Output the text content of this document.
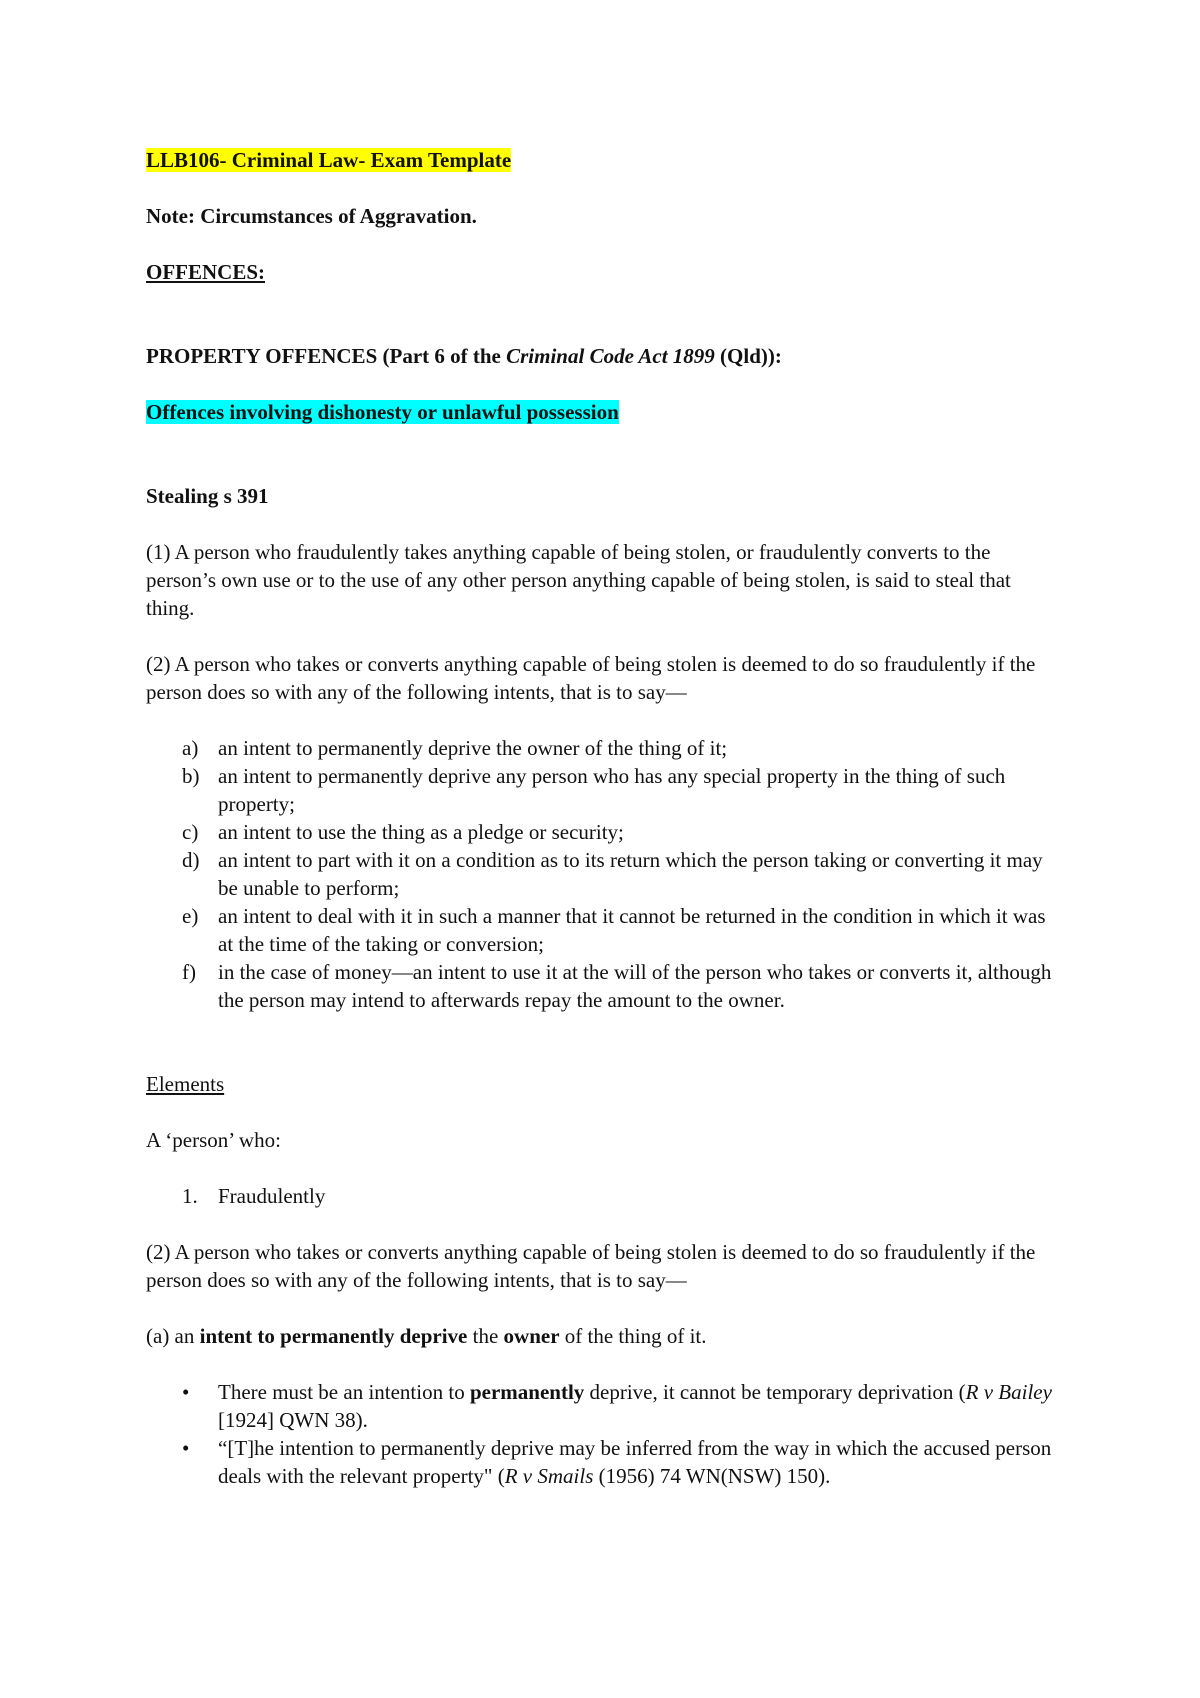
LLB106- Criminal Law- Exam Template

Note: Circumstances of Aggravation.

OFFENCES:

PROPERTY OFFENCES (Part 6 of the Criminal Code Act 1899 (Qld)):

Offences involving dishonesty or unlawful possession

Stealing s 391

(1) A person who fraudulently takes anything capable of being stolen, or fraudulently converts to the person’s own use or to the use of any other person anything capable of being stolen, is said to steal that thing.

(2) A person who takes or converts anything capable of being stolen is deemed to do so fraudulently if the person does so with any of the following intents, that is to say—

a) an intent to permanently deprive the owner of the thing of it;
b) an intent to permanently deprive any person who has any special property in the thing of such property;
c) an intent to use the thing as a pledge or security;
d) an intent to part with it on a condition as to its return which the person taking or converting it may be unable to perform;
e) an intent to deal with it in such a manner that it cannot be returned in the condition in which it was at the time of the taking or conversion;
f) in the case of money—an intent to use it at the will of the person who takes or converts it, although the person may intend to afterwards repay the amount to the owner.

Elements

A ‘person’ who:

1. Fraudulently

(2) A person who takes or converts anything capable of being stolen is deemed to do so fraudulently if the person does so with any of the following intents, that is to say—

(a) an intent to permanently deprive the owner of the thing of it.

• There must be an intention to permanently deprive, it cannot be temporary deprivation (R v Bailey [1924] QWN 38).
• “[T]he intention to permanently deprive may be inferred from the way in which the accused person deals with the relevant property" (R v Smails (1956) 74 WN(NSW) 150).
